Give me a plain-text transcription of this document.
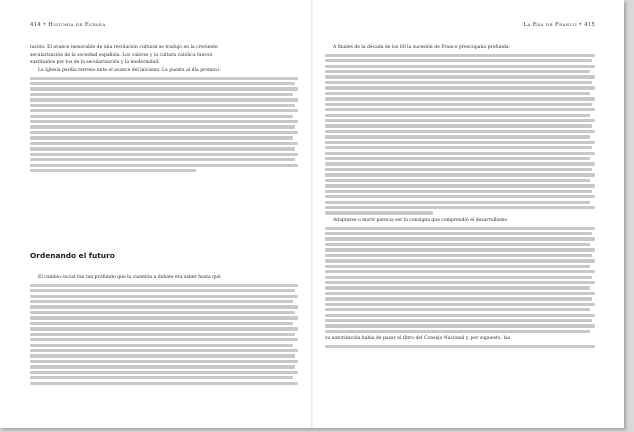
414 • Historia de España

tación. El avance inexorable de una revolución cultural se tradujo en la creciente
secularización de la sociedad española. Los valores y la cultura católica fueron
sustituidos por los de la secularización y la modernidad.

La Iglesia perdía terreno ante el avance del laicismo. La puesta al día promovi-

Ordenando el futuro

El cambio social fue tan profundo que la cuestión a debate era saber hasta qué

La Era de Franco • 415

A finales de la década de los 60 la sucesión de Franco preocupaba profunda-

Adaptarse o morir parecía ser la consigna que comprendió el desarrollismo

su autorización había de pasar el filtro del Consejo Nacional y, por supuesto, las
